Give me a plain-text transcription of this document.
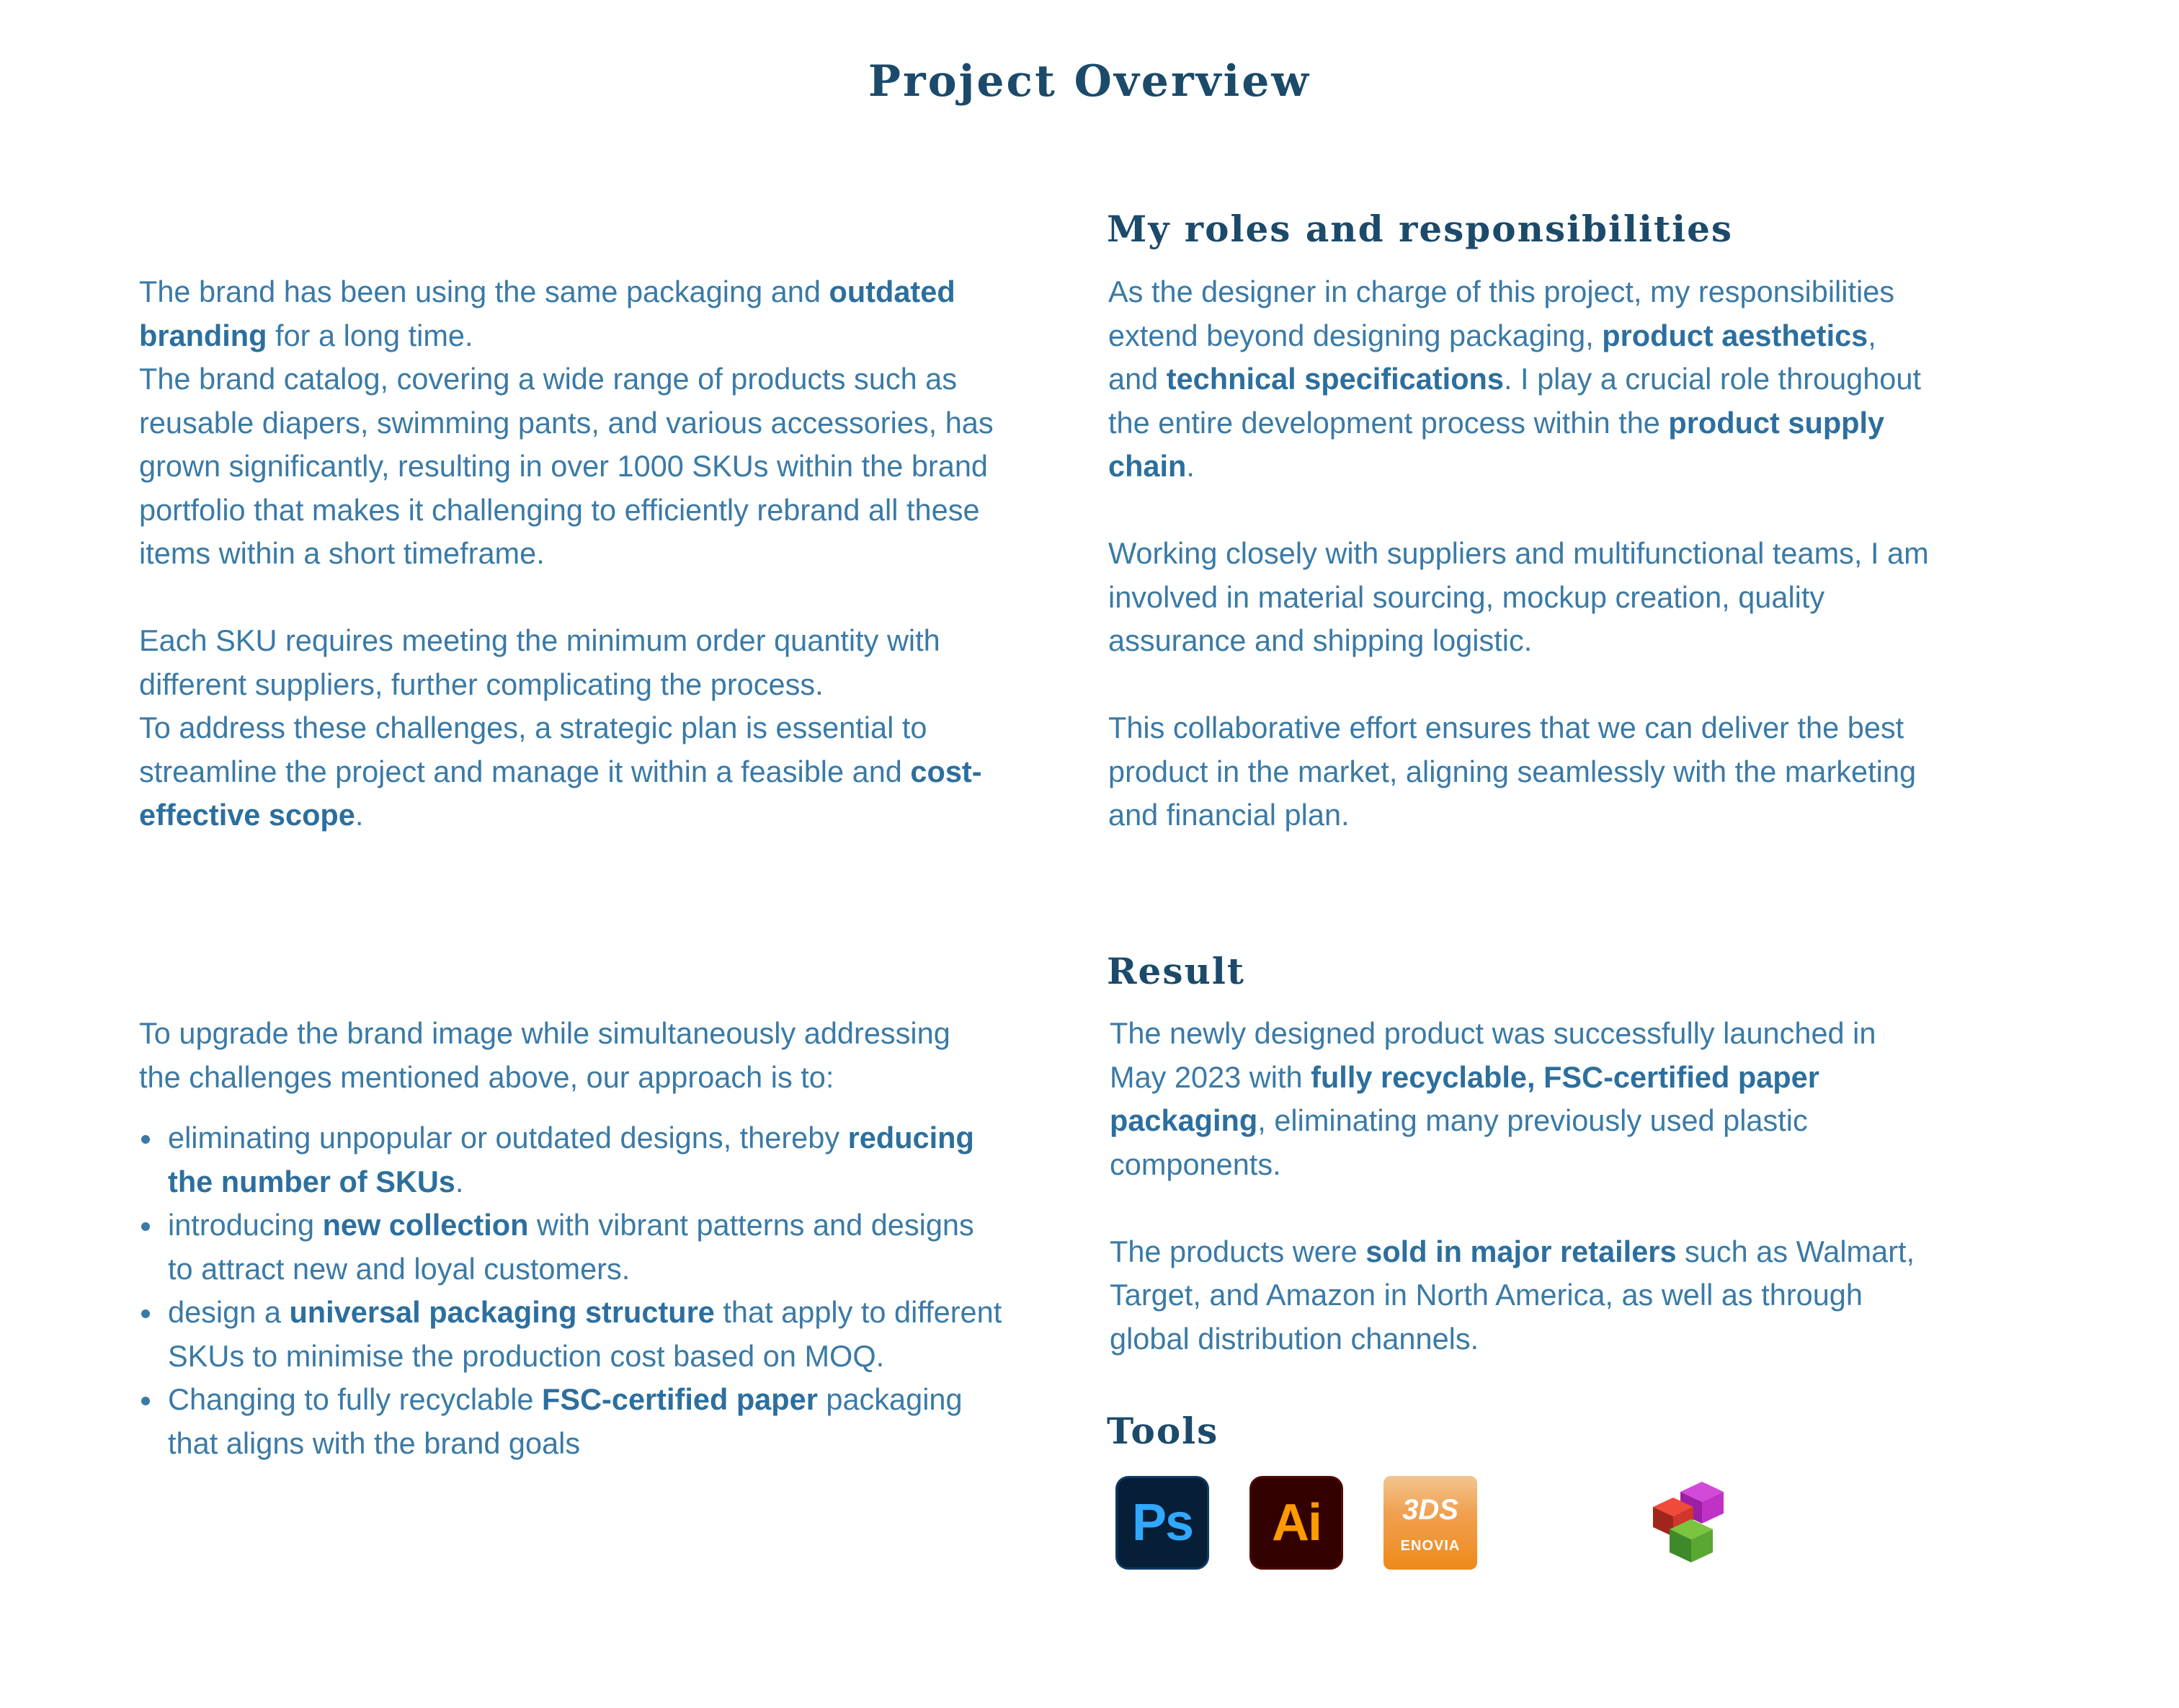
Project Overview

The brand has been using the same packaging and outdated branding for a long time.

The brand catalog, covering a wide range of products such as reusable diapers, swimming pants, and various accessories, has grown significantly, resulting in over 1000 SKUs within the brand portfolio that makes it challenging to efficiently rebrand all these items within a short timeframe.

Each SKU requires meeting the minimum order quantity with different suppliers, further complicating the process.

To address these challenges, a strategic plan is essential to streamline the project and manage it within a feasible and cost-effective scope.

My roles and responsibilities

As the designer in charge of this project, my responsibilities extend beyond designing packaging, product aesthetics, and technical specifications. I play a crucial role throughout the entire development process within the product supply chain.

Working closely with suppliers and multifunctional teams, I am involved in material sourcing, mockup creation, quality assurance and shipping logistic.

This collaborative effort ensures that we can deliver the best product in the market, aligning seamlessly with the marketing and financial plan.

To upgrade the brand image while simultaneously addressing the challenges mentioned above, our approach is to:

eliminating unpopular or outdated designs, thereby reducing the number of SKUs.
introducing new collection with vibrant patterns and designs to attract new and loyal customers.
design a universal packaging structure that apply to different SKUs to minimise the production cost based on MOQ.
Changing to fully recyclable FSC-certified paper packaging that aligns with the brand goals
Result

The newly designed product was successfully launched in May 2023 with fully recyclable, FSC-certified paper packaging, eliminating many previously used plastic components.

The products were sold in major retailers such as Walmart, Target, and Amazon in North America, as well as through global distribution channels.

Tools
Ps Ai	3DS
ENOVIA
